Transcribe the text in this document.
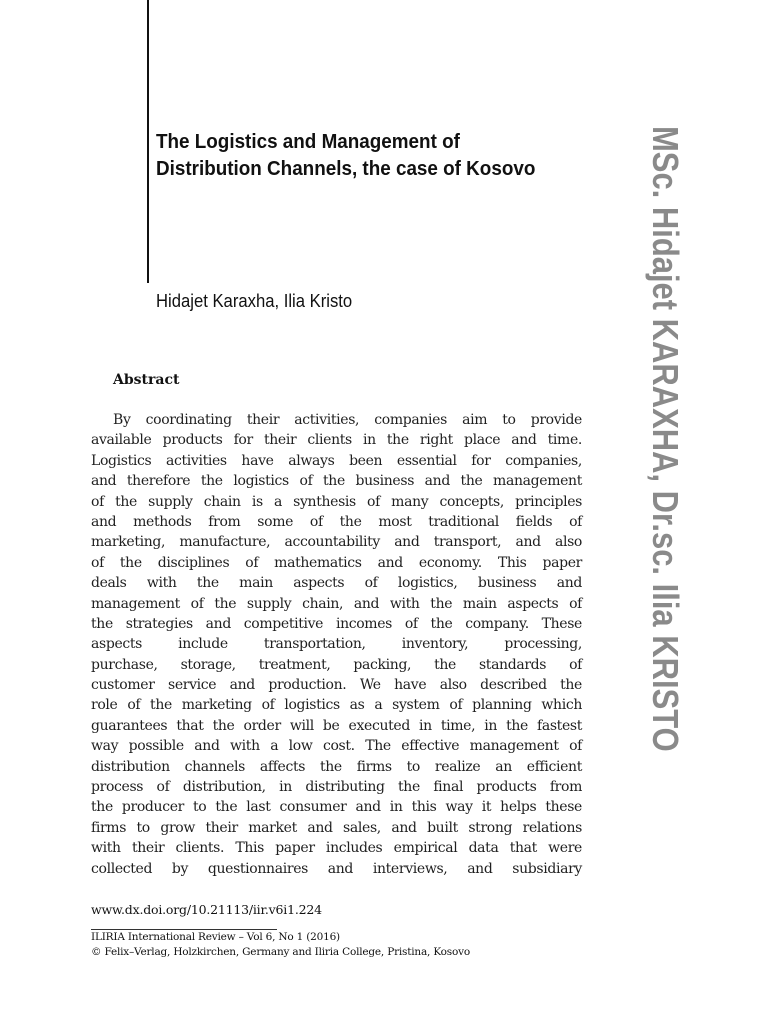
The Logistics and Management of
Distribution Channels, the case of Kosovo
Hidajet Karaxha, Ilia Kristo	MSc. Hidajet KARAXHA, Dr.sc. Ilia KRISTO
Abstract
By coordinating their activities, companies aim to provide
available products for their clients in the right place and time.
Logistics activities have always been essential for companies,
and therefore the logistics of the business and the management
of the supply chain is a synthesis of many concepts, principles
and methods from some of the most traditional fields of
marketing, manufacture, accountability and transport, and also
of the disciplines of mathematics and economy. This paper
deals with the main aspects of logistics, business and
management of the supply chain, and with the main aspects of
the strategies and competitive incomes of the company. These
aspects include transportation, inventory, processing,
purchase, storage, treatment, packing, the standards of
customer service and production. We have also described the
role of the marketing of logistics as a system of planning which
guarantees that the order will be executed in time, in the fastest
way possible and with a low cost. The effective management of
distribution channels affects the firms to realize an efficient
process of distribution, in distributing the final products from
the producer to the last consumer and in this way it helps these
firms to grow their market and sales, and built strong relations
with their clients. This paper includes empirical data that were
collected by questionnaires and interviews, and subsidiary
www.dx.doi.org/10.21113/iir.v6i1.224
ILIRIA International Review – Vol 6, No 1 (2016)
© Felix–Verlag, Holzkirchen, Germany and Iliria College, Pristina, Kosovo
